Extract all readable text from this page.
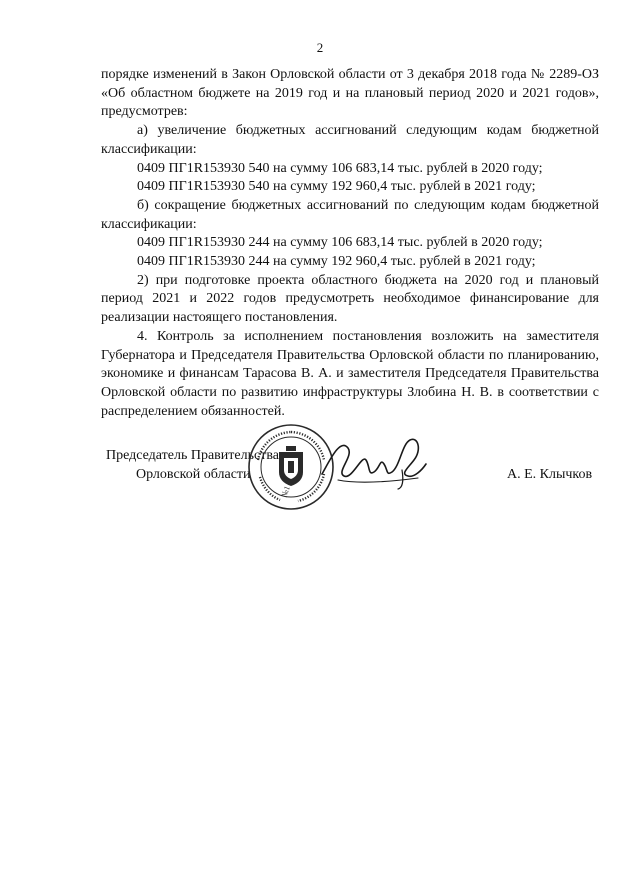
2

порядке изменений в Закон Орловской области от 3 декабря 2018 года № 2289-ОЗ «Об областном бюджете на 2019 год и на плановый период 2020 и 2021 годов», предусмотрев:

а) увеличение бюджетных ассигнований следующим кодам бюджетной классификации:

0409 ПГ1R153930 540 на сумму 106 683,14 тыс. рублей в 2020 году;

0409 ПГ1R153930 540 на сумму 192 960,4 тыс. рублей в 2021 году;

б) сокращение бюджетных ассигнований по следующим кодам бюджетной классификации:

0409 ПГ1R153930 244 на сумму 106 683,14 тыс. рублей в 2020 году;

0409 ПГ1R153930 244 на сумму 192 960,4 тыс. рублей в 2021 году;

2) при подготовке проекта областного бюджета на 2020 год и плановый период 2021 и 2022 годов предусмотреть необходимое финансирование для реализации настоящего постановления.

4. Контроль за исполнением постановления возложить на заместителя Губернатора и Председателя Правительства Орловской области по планированию, экономике и финансам Тарасова В. А. и заместителя Председателя Правительства Орловской области по развитию инфраструктуры Злобина Н. В. в соответствии с распределением обязанностей.

Председатель Правительства
Орловской области	А. Е. Клычков
№1
